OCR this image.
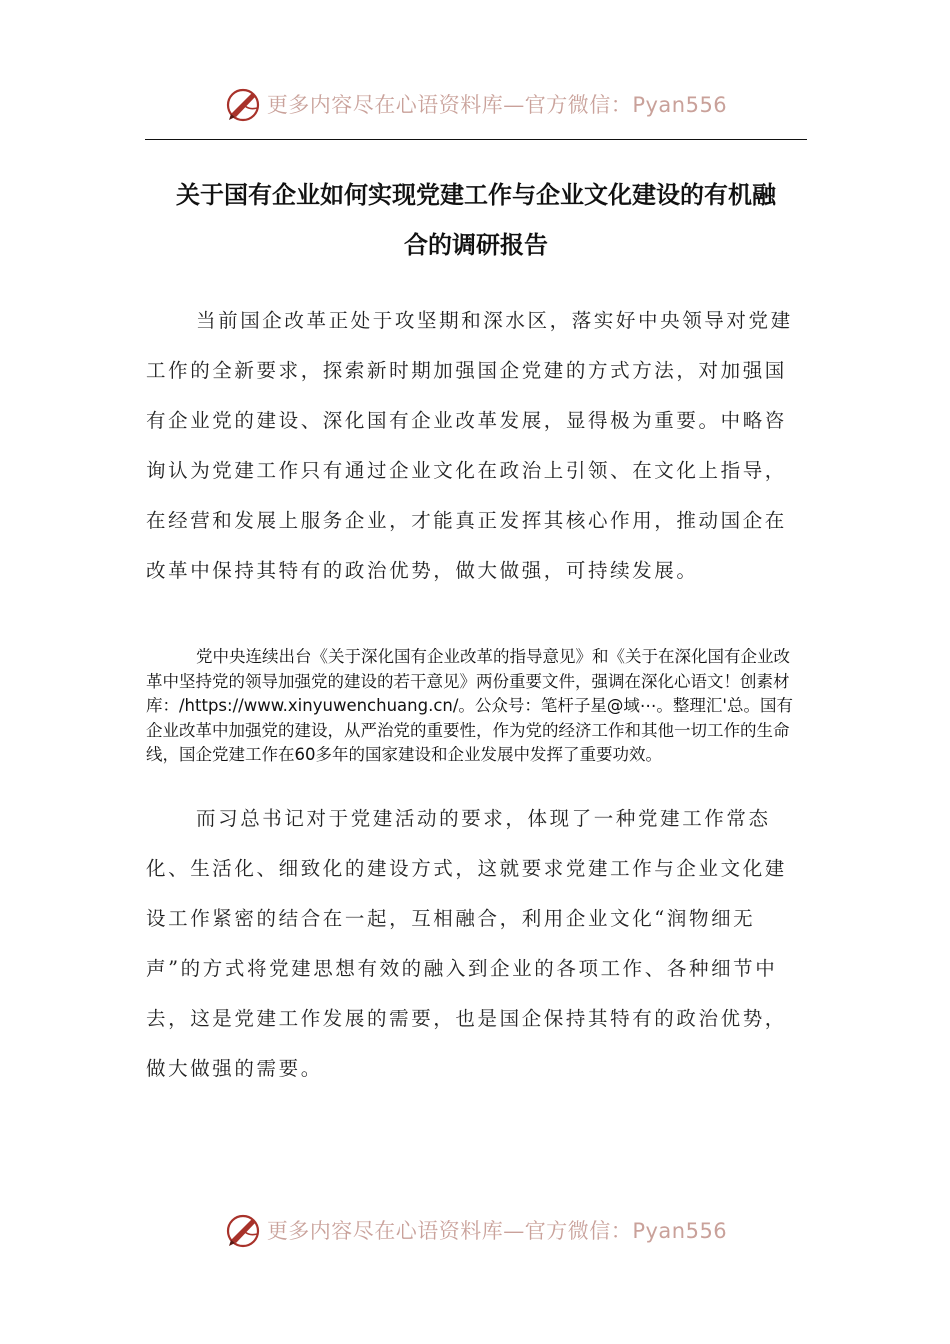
更多内容尽在心语资料库—官方微信：Pyan556
关于国有企业如何实现党建工作与企业文化建设的有机融
合的调研报告

当前国企改革正处于攻坚期和深水区，落实好中央领导对党建工作的全新要求，探索新时期加强国企党建的方式方法，对加强国有企业党的建设、深化国有企业改革发展，显得极为重要。中略咨询认为党建工作只有通过企业文化在政治上引领、在文化上指导，在经营和发展上服务企业，才能真正发挥其核心作用，推动国企在改革中保持其特有的政治优势，做大做强，可持续发展。

党中央连续出台《关于深化国有企业改革的指导意见》和《关于在深化国有企业改革中坚持党的领导加强党的建设的若干意见》两份重要文件，强调在深化心语文！创素材库：/https://www.xinyuwenchuang.cn/。公众号：笔杆子星@域⋯。整理汇'总。国有企业改革中加强党的建设，从严治党的重要性，作为党的经济工作和其他一切工作的生命线，国企党建工作在60多年的国家建设和企业发展中发挥了重要功效。

而习总书记对于党建活动的要求，体现了一种党建工作常态化、生活化、细致化的建设方式，这就要求党建工作与企业文化建设工作紧密的结合在一起，互相融合，利用企业文化“润物细无声”的方式将党建思想有效的融入到企业的各项工作、各种细节中去，这是党建工作发展的需要，也是国企保持其特有的政治优势，做大做强的需要。

更多内容尽在心语资料库—官方微信：Pyan556
